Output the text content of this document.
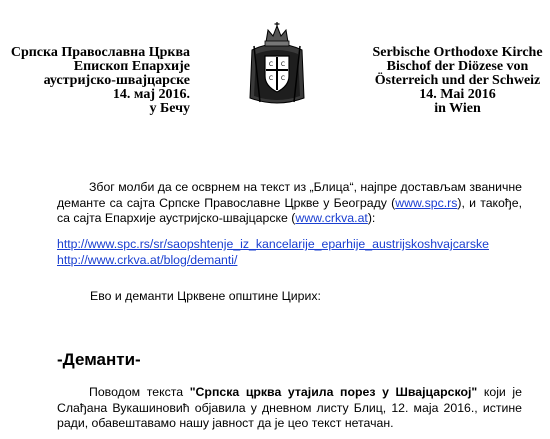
Српска Православна Црква
Епископ Епархије
аустријско-швајцарске
14. мај 2016.
у Бечу
С С
С С
Serbische Orthodoxe Kirche
Bischof der Diözese von
Österreich und der Schweiz
14. Mai 2016
in Wien
Због молби да се осврнем на текст из „Блица“, најпре достављам званичне деманте са сајта Српске Православне Цркве у Београду (www.spc.rs), и такође, са сајта Епархије аустријско-швајцарске (www.crkva.at):
http://www.spc.rs/sr/saopshtenje_iz_kancelarije_eparhije_austrijskoshvajcarske
http://www.crkva.at/blog/demanti/
Ево и деманти Црквене општине Цирих:
-Деманти-
Поводом текста "Српска црква утајила порез у Швајцарској" који је Слађана Вукашиновић објавила у дневном листу Блиц, 12. маја 2016., истине ради, обавештавамо нашу јавност да је цео текст нетачан.
